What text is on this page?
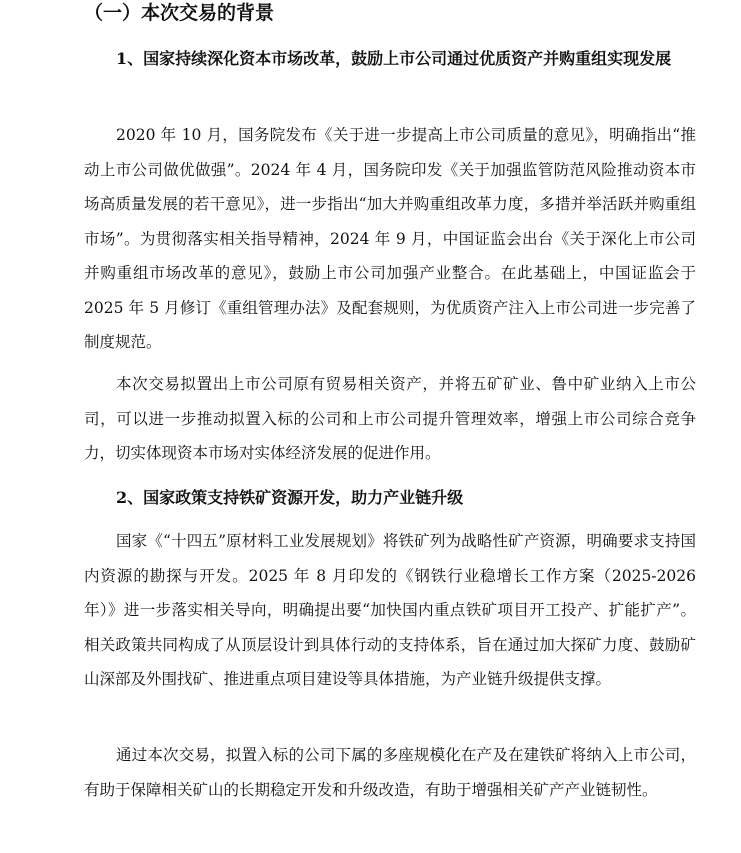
（一）本次交易的背景
1、国家持续深化资本市场改革，鼓励上市公司通过优质资产并购重组实现发展

2020 年 10 月，国务院发布《关于进一步提高上市公司质量的意见》，明确指出“推动上市公司做优做强”。2024 年 4 月，国务院印发《关于加强监管防范风险推动资本市场高质量发展的若干意见》，进一步指出“加大并购重组改革力度，多措并举活跃并购重组市场”。为贯彻落实相关指导精神，2024 年 9 月，中国证监会出台《关于深化上市公司并购重组市场改革的意见》，鼓励上市公司加强产业整合。在此基础上，中国证监会于 2025 年 5 月修订《重组管理办法》及配套规则，为优质资产注入上市公司进一步完善了制度规范。

本次交易拟置出上市公司原有贸易相关资产，并将五矿矿业、鲁中矿业纳入上市公司，可以进一步推动拟置入标的公司和上市公司提升管理效率，增强上市公司综合竞争力，切实体现资本市场对实体经济发展的促进作用。

2、国家政策支持铁矿资源开发，助力产业链升级

国家《“十四五”原材料工业发展规划》将铁矿列为战略性矿产资源，明确要求支持国内资源的勘探与开发。2025 年 8 月印发的《钢铁行业稳增长工作方案（2025-2026 年）》进一步落实相关导向，明确提出要“加快国内重点铁矿项目开工投产、扩能扩产”。相关政策共同构成了从顶层设计到具体行动的支持体系，旨在通过加大探矿力度、鼓励矿山深部及外围找矿、推进重点项目建设等具体措施，为产业链升级提供支撑。

通过本次交易，拟置入标的公司下属的多座规模化在产及在建铁矿将纳入上市公司，有助于保障相关矿山的长期稳定开发和升级改造，有助于增强相关矿产产业链韧性。
